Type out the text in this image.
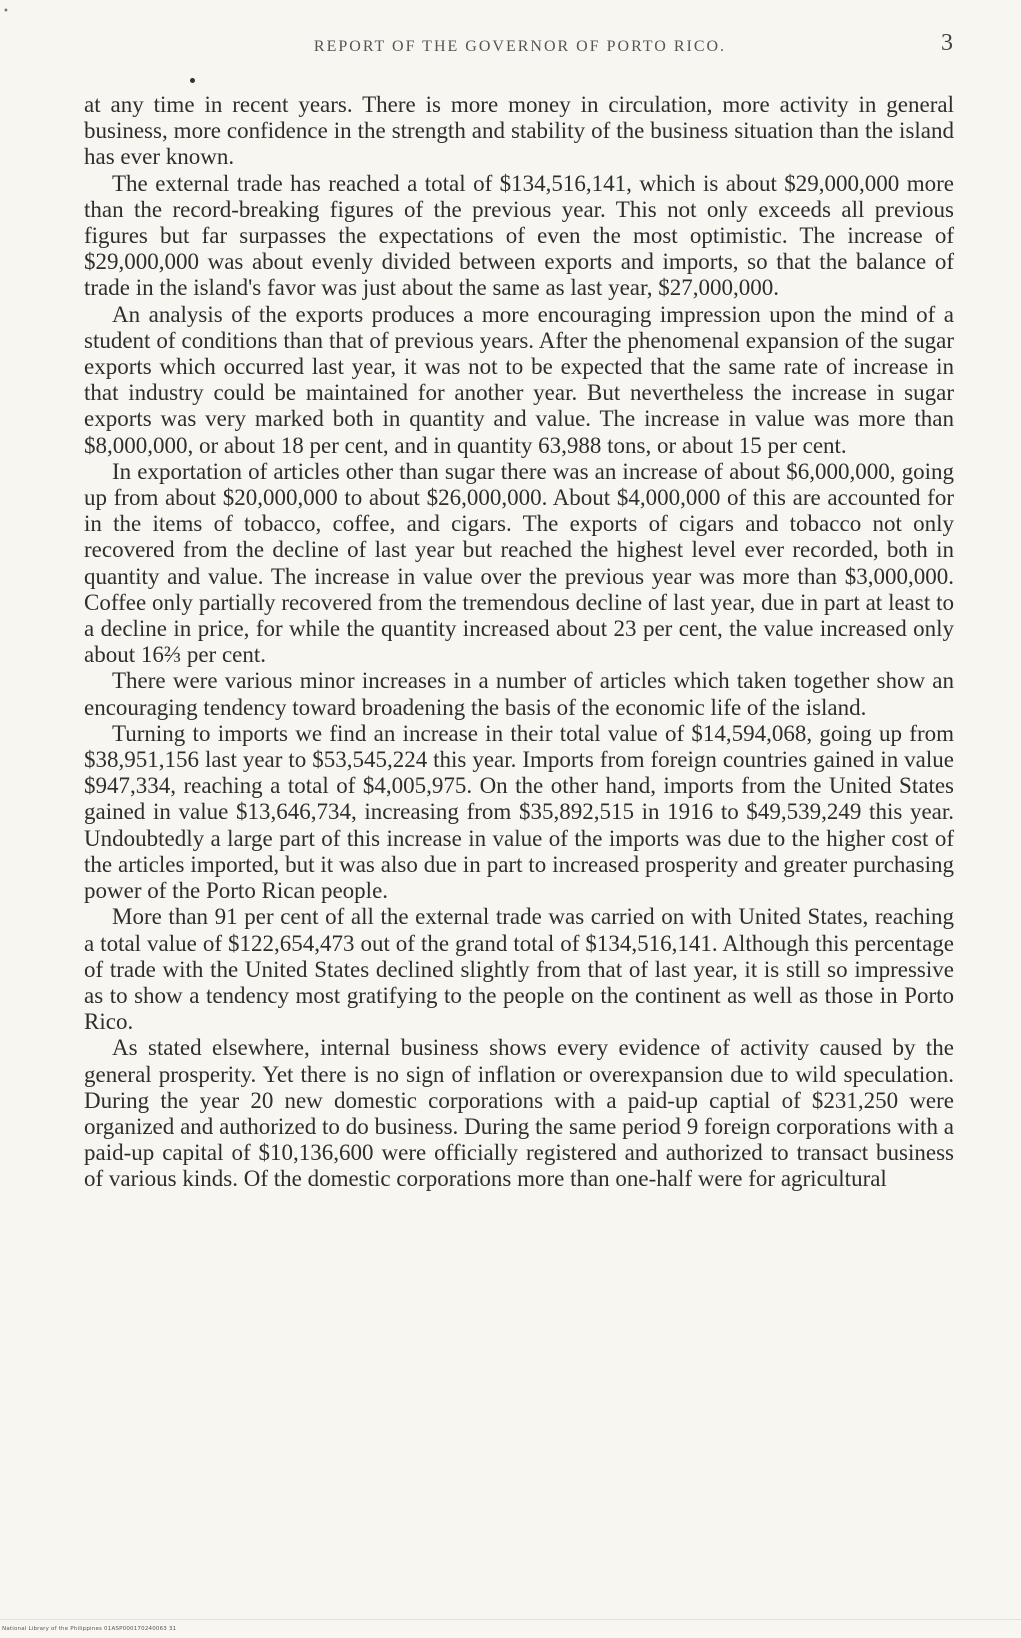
•
REPORT OF THE GOVERNOR OF PORTO RICO.	3

at any time in recent years. There is more money in circulation, more activity in general business, more confidence in the strength and stability of the business situation than the island has ever known.

The external trade has reached a total of $134,516,141, which is about $29,000,000 more than the record-breaking figures of the previous year. This not only exceeds all previous figures but far surpasses the expectations of even the most optimistic. The increase of $29,000,000 was about evenly divided between exports and imports, so that the balance of trade in the island's favor was just about the same as last year, $27,000,000.

An analysis of the exports produces a more encouraging impression upon the mind of a student of conditions than that of previous years. After the phenomenal expansion of the sugar exports which occurred last year, it was not to be expected that the same rate of increase in that industry could be maintained for another year. But nevertheless the increase in sugar exports was very marked both in quantity and value. The increase in value was more than $8,000,000, or about 18 per cent, and in quantity 63,988 tons, or about 15 per cent.

In exportation of articles other than sugar there was an increase of about $6,000,000, going up from about $20,000,000 to about $26,000,000. About $4,000,000 of this are accounted for in the items of tobacco, coffee, and cigars. The exports of cigars and tobacco not only recovered from the decline of last year but reached the highest level ever recorded, both in quantity and value. The increase in value over the previous year was more than $3,000,000. Coffee only partially recovered from the tremendous decline of last year, due in part at least to a decline in price, for while the quantity increased about 23 per cent, the value increased only about 16⅔ per cent.

There were various minor increases in a number of articles which taken together show an encouraging tendency toward broadening the basis of the economic life of the island.

Turning to imports we find an increase in their total value of $14,594,068, going up from $38,951,156 last year to $53,545,224 this year. Imports from foreign countries gained in value $947,334, reaching a total of $4,005,975. On the other hand, imports from the United States gained in value $13,646,734, increasing from $35,892,515 in 1916 to $49,539,249 this year. Undoubtedly a large part of this increase in value of the imports was due to the higher cost of the articles imported, but it was also due in part to increased prosperity and greater purchasing power of the Porto Rican people.

More than 91 per cent of all the external trade was carried on with United States, reaching a total value of $122,654,473 out of the grand total of $134,516,141. Although this percentage of trade with the United States declined slightly from that of last year, it is still so impressive as to show a tendency most gratifying to the people on the continent as well as those in Porto Rico.

As stated elsewhere, internal business shows every evidence of activity caused by the general prosperity. Yet there is no sign of inflation or overexpansion due to wild speculation. During the year 20 new domestic corporations with a paid-up captial of $231,250 were organized and authorized to do business. During the same period 9 foreign corporations with a paid-up capital of $10,136,600 were officially registered and authorized to transact business of various kinds. Of the domestic corporations more than one-half were for agricultural

National Library of the Philippines 01ASP000170240063 31
